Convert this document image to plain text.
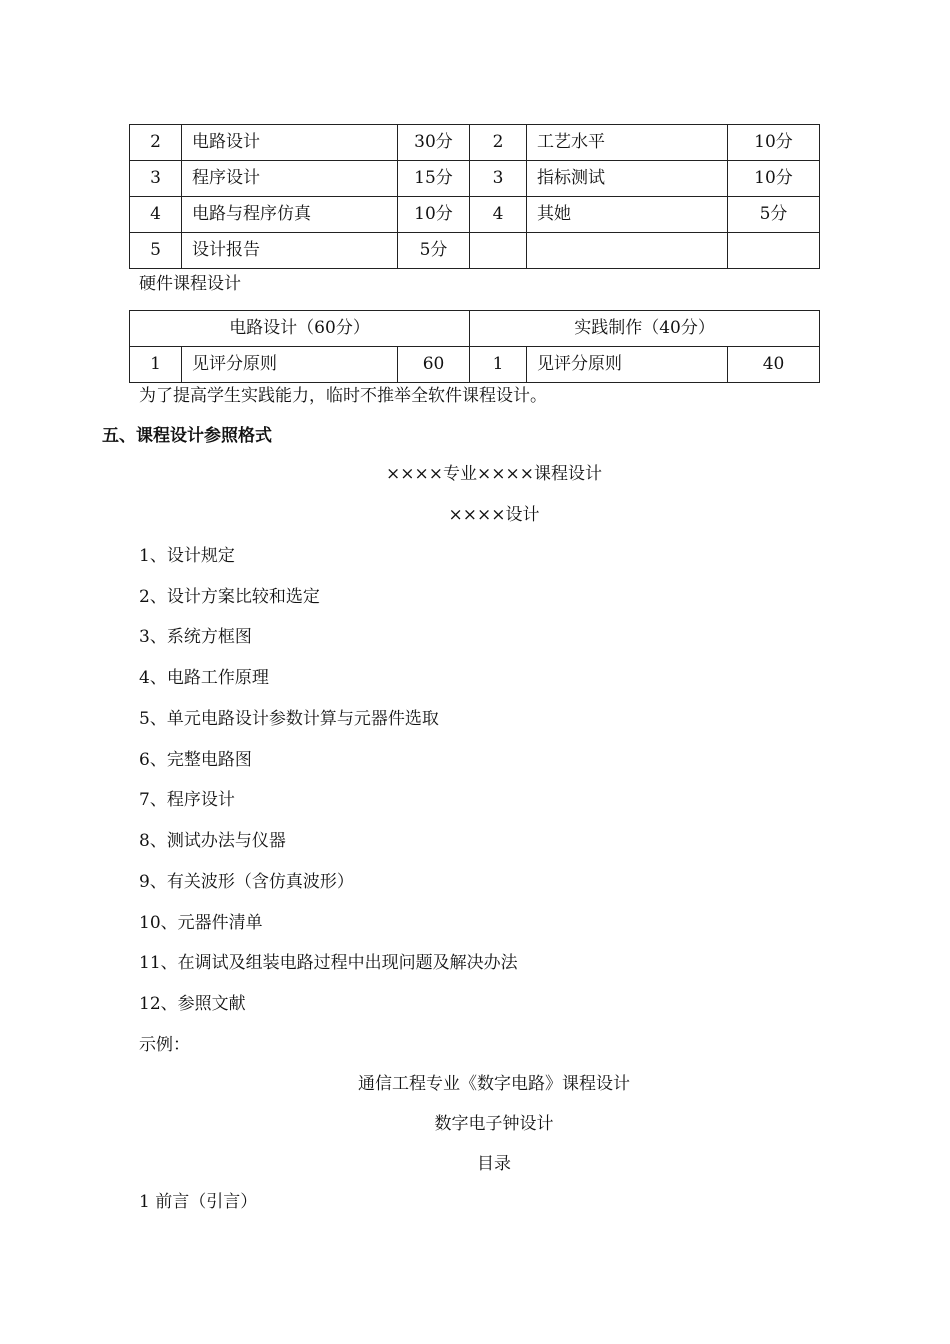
2	电路设计	30分	2	工艺水平	10分
3	程序设计	15分	3	指标测试	10分
4	电路与程序仿真	10分	4	其她	5分
5	设计报告	5分			
硬件课程设计
电路设计（60分）			实践制作（40分）		
1	见评分原则	60	1	见评分原则	40
为了提高学生实践能力，临时不推举全软件课程设计。
五、课程设计参照格式
××××专业××××课程设计
××××设计
1、设计规定
2、设计方案比较和选定
3、系统方框图
4、电路工作原理
5、单元电路设计参数计算与元器件选取
6、完整电路图
7、程序设计
8、测试办法与仪器
9、有关波形（含仿真波形）
10、元器件清单
11、在调试及组装电路过程中出现问题及解决办法
12、参照文献
示例：
通信工程专业《数字电路》课程设计
数字电子钟设计
目录
1 前言（引言）
